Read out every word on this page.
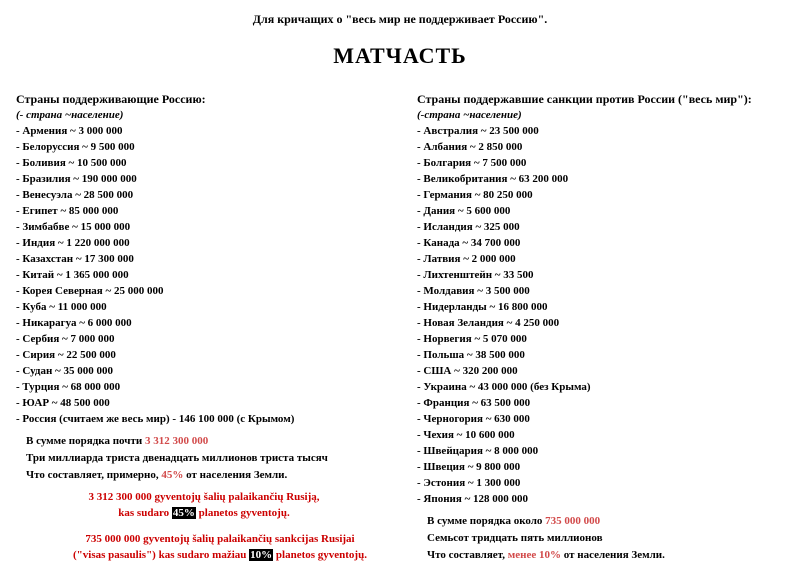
Для кричащих о "весь мир не поддерживает Россию".
МАТЧАСТЬ
Страны поддерживающие Россию:
(- страна ~население)
- Армения ~ 3 000 000
- Белоруссия ~ 9 500 000
- Боливия ~ 10 500 000
- Бразилия ~ 190 000 000
- Венесуэла ~ 28 500 000
- Египет ~ 85 000 000
- Зимбабве ~ 15 000 000
- Индия ~ 1 220 000 000
- Казахстан ~ 17 300 000
- Китай ~ 1 365 000 000
- Корея Северная ~ 25 000 000
- Куба ~ 11 000 000
- Никарагуа ~ 6 000 000
- Сербия ~ 7 000 000
- Сирия ~ 22 500 000
- Судан ~ 35 000 000
- Турция ~ 68 000 000
- ЮАР ~ 48 500 000
- Россия (считаем же весь мир) - 146 100 000 (с Крымом)
В сумме порядка почти 3 312 300 000
Три миллиарда триста двенадцать миллионов триста тысяч
Что составляет, примерно, 45% от населения Земли.
Страны поддержавшие санкции против России ("весь мир"):
(-страна ~население)
- Австралия ~ 23 500 000
- Албания ~ 2 850 000
- Болгария ~ 7 500 000
- Великобритания ~ 63 200 000
- Германия ~ 80 250 000
- Дания ~ 5 600 000
- Исландия ~ 325 000
- Канада ~ 34 700 000
- Латвия ~ 2 000 000
- Лихтенштейн ~ 33 500
- Молдавия ~ 3 500 000
- Нидерланды ~ 16 800 000
- Новая Зеландия ~ 4 250 000
- Норвегия ~ 5 070 000
- Польша ~ 38 500 000
- США ~ 320 200 000
- Украина ~ 43 000 000 (без Крыма)
- Франция ~ 63 500 000
- Черногория ~ 630 000
- Чехия ~ 10 600 000
- Швейцария ~ 8 000 000
- Швеция ~ 9 800 000
- Эстония ~ 1 300 000
- Япония ~ 128 000 000
В сумме порядка около 735 000 000
Семьсот тридцать пять миллионов
Что составляет, менее 10% от населения Земли.
3 312 300 000 gyventojų šalių palaikančių Rusiją,
kas sudaro 45% planetos gyventojų.
735 000 000 gyventojų šalių palaikančių sankcijas Rusijai
("visas pasaulis") kas sudaro mažiau 10% planetos gyventojų.
